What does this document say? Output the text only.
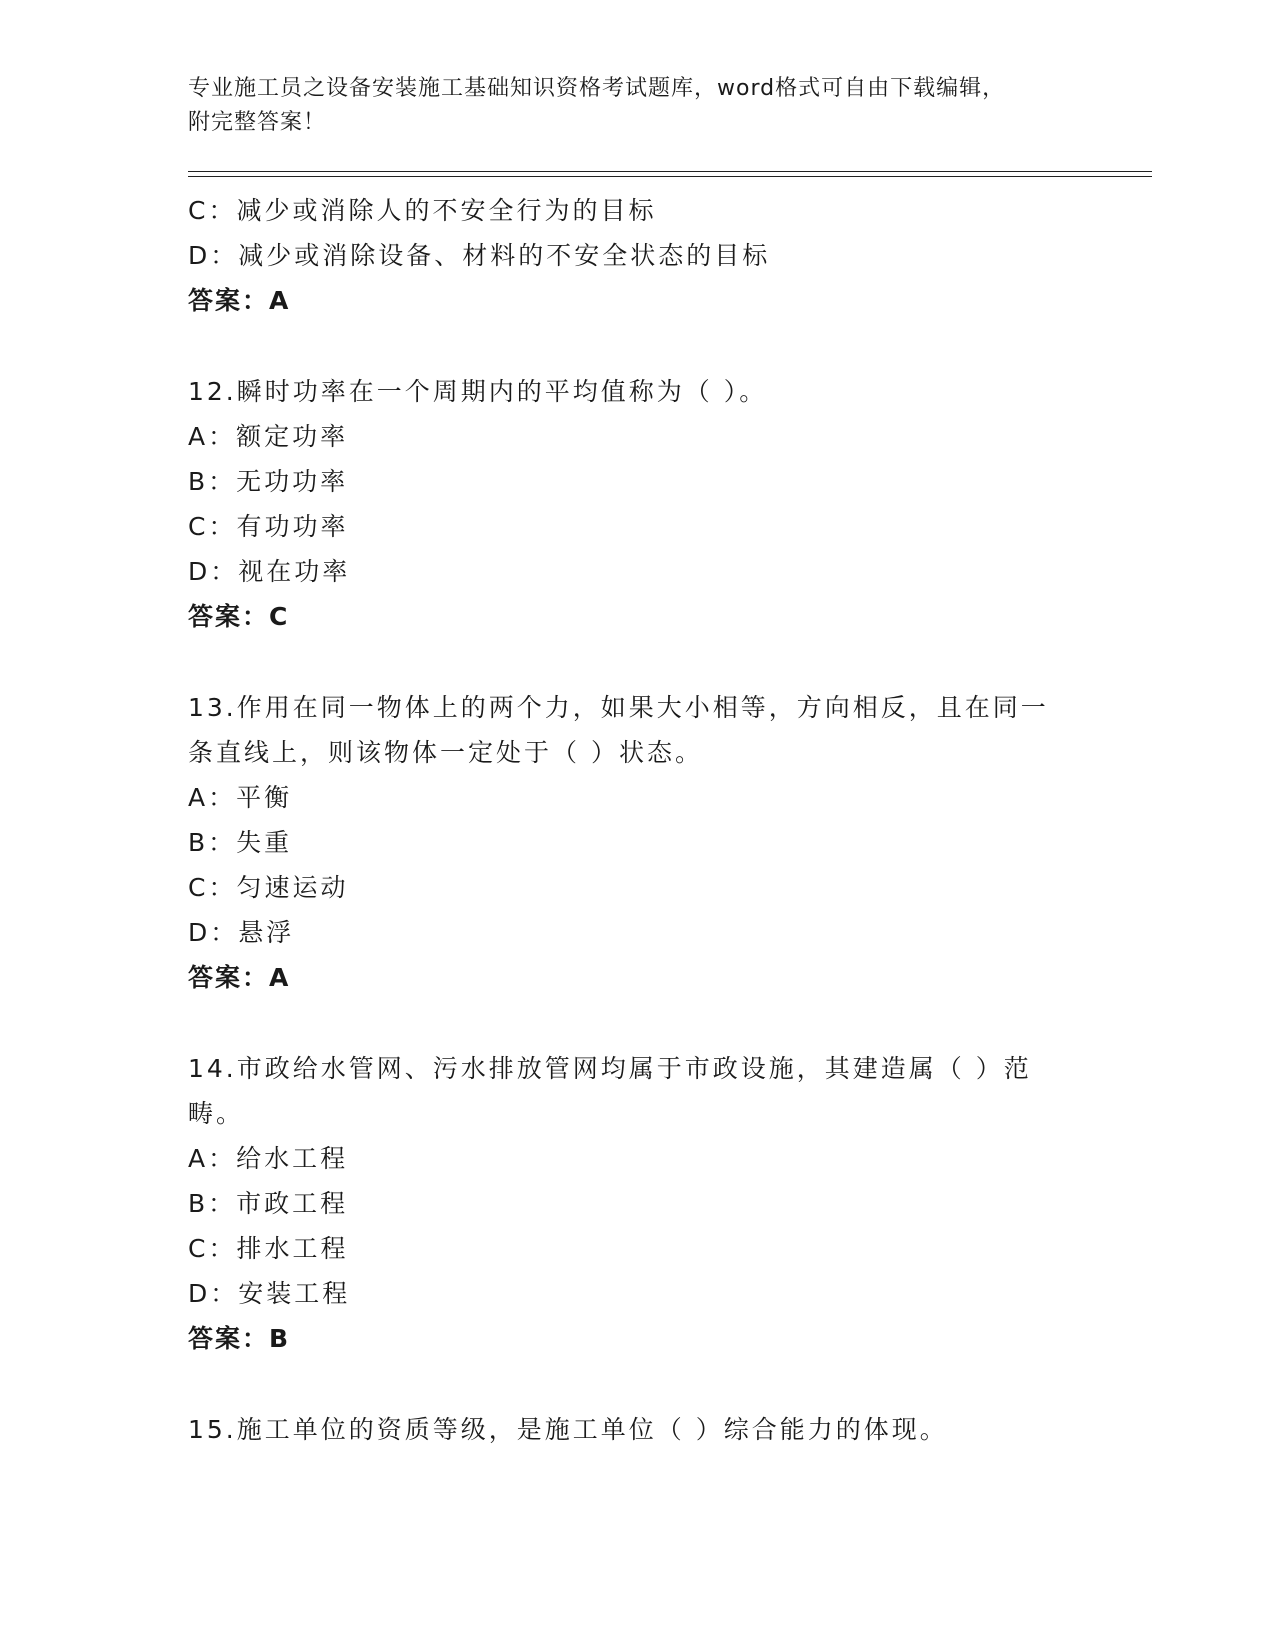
专业施工员之设备安装施工基础知识资格考试题库，word格式可自由下载编辑，
附完整答案！
C：减少或消除人的不安全行为的目标
D：减少或消除设备、材料的不安全状态的目标
答案：A
12.瞬时功率在一个周期内的平均值称为（ ）。
A：额定功率
B：无功功率
C：有功功率
D：视在功率
答案：C
13.作用在同一物体上的两个力，如果大小相等，方向相反，且在同一
条直线上，则该物体一定处于（ ）状态。
A：平衡
B：失重
C：匀速运动
D：悬浮
答案：A
14.市政给水管网、污水排放管网均属于市政设施，其建造属（ ）范
畴。
A：给水工程
B：市政工程
C：排水工程
D：安装工程
答案：B
15.施工单位的资质等级，是施工单位（ ）综合能力的体现。
